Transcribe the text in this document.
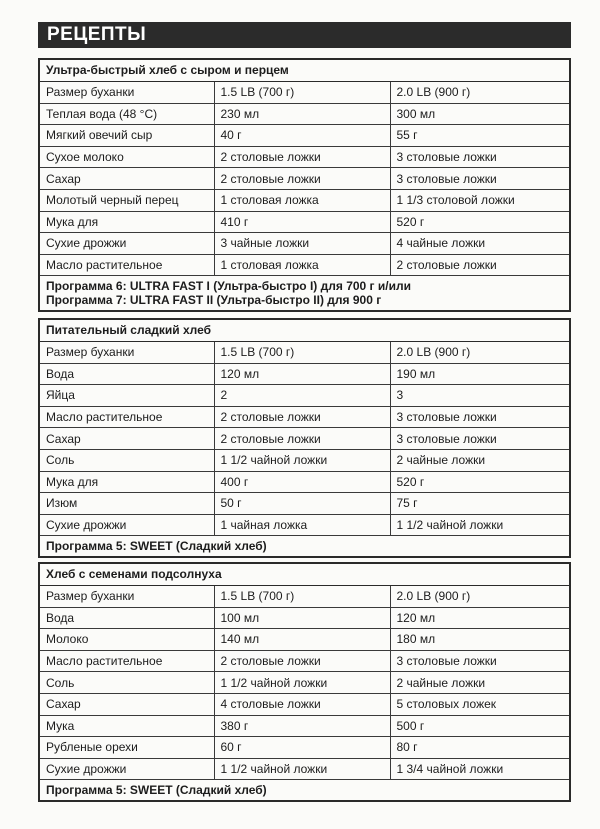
РЕЦЕПТЫ
Ультра-быстрый хлеб с сыром и перцем
Размер буханки	1.5 LB (700 г)	2.0 LB (900 г)
Теплая вода (48 °C)	230 мл	300 мл
Мягкий овечий сыр	40 г	55 г
Сухое молоко	2 столовые ложки	3 столовые ложки
Сахар	2 столовые ложки	3 столовые ложки
Молотый черный перец	1 столовая ложка	1 1/3 столовой ложки
Мука для	410 г	520 г
Сухие дрожжи	3 чайные ложки	4 чайные ложки
Масло растительное	1 столовая ложка	2 столовые ложки
Программа 6: ULTRA FAST I (Ультра-быстро I) для 700 г и/или
Программа 7: ULTRA FAST II (Ультра-быстро II) для 900 г
Питательный сладкий хлеб
Размер буханки	1.5 LB (700 г)	2.0 LB (900 г)
Вода	120 мл	190 мл
Яйца	2	3
Масло растительное	2 столовые ложки	3 столовые ложки
Сахар	2 столовые ложки	3 столовые ложки
Соль	1 1/2 чайной ложки	2 чайные ложки
Мука для	400 г	520 г
Изюм	50 г	75 г
Сухие дрожжи	1 чайная ложка	1 1/2 чайной ложки
Программа 5: SWEET (Сладкий хлеб)
Хлеб с семенами подсолнуха
Размер буханки	1.5 LB (700 г)	2.0 LB (900 г)
Вода	100 мл	120 мл
Молоко	140 мл	180 мл
Масло растительное	2 столовые ложки	3 столовые ложки
Соль	1 1/2 чайной ложки	2 чайные ложки
Сахар	4 столовые ложки	5 столовых ложек
Мука	380 г	500 г
Рубленые орехи	60 г	80 г
Сухие дрожжи	1 1/2 чайной ложки	1 3/4 чайной ложки
Программа 5: SWEET (Сладкий хлеб)
